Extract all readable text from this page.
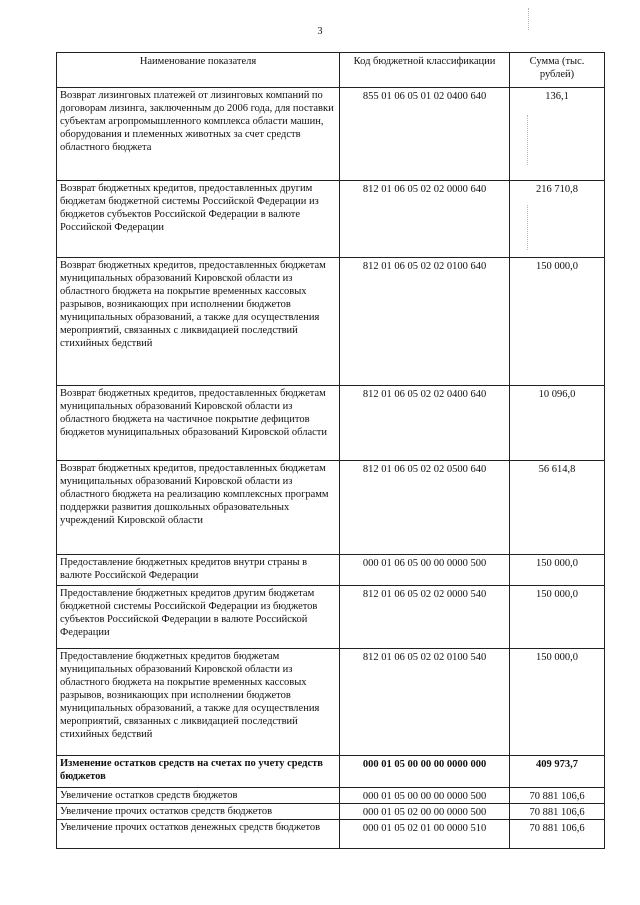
3
Наименование показателя	Код бюджетной классификации	Сумма (тыс. рублей)
Возврат лизинговых платежей от лизинговых компаний по договорам лизинга, заключенным до 2006 года, для поставки субъектам агропромышленного комплекса области машин, оборудования и племенных животных за счет средств областного бюджета	855 01 06 05 01 02 0400 640	136,1
Возврат бюджетных кредитов, предоставленных другим бюджетам бюджетной системы Российской Федерации из бюджетов субъектов Российской Федерации в валюте Российской Федерации	812 01 06 05 02 02 0000 640	216 710,8
Возврат бюджетных кредитов, предоставленных бюджетам муниципальных образований Кировской области из областного бюджета на покрытие временных кассовых разрывов, возникающих при исполнении бюджетов муниципальных образований, а также для осуществления мероприятий, связанных с ликвидацией последствий стихийных бедствий	812 01 06 05 02 02 0100 640	150 000,0
Возврат бюджетных кредитов, предоставленных бюджетам муниципальных образований Кировской области из областного бюджета на частичное покрытие дефицитов бюджетов муниципальных образований Кировской области	812 01 06 05 02 02 0400 640	10 096,0
Возврат бюджетных кредитов, предоставленных бюджетам муниципальных образований Кировской области из областного бюджета на реализацию комплексных программ поддержки развития дошкольных образовательных учреждений Кировской области	812 01 06 05 02 02 0500 640	56 614,8
Предоставление бюджетных кредитов внутри страны в валюте Российской Федерации	000 01 06 05 00 00 0000 500	150 000,0
Предоставление бюджетных кредитов другим бюджетам бюджетной системы Российской Федерации из бюджетов субъектов Российской Федерации в валюте Российской Федерации	812 01 06 05 02 02 0000 540	150 000,0
Предоставление бюджетных кредитов бюджетам муниципальных образований Кировской области из областного бюджета на покрытие временных кассовых разрывов, возникающих при исполнении бюджетов муниципальных образований, а также для осуществления мероприятий, связанных с ликвидацией последствий стихийных бедствий	812 01 06 05 02 02 0100 540	150 000,0
Изменение остатков средств на счетах по учету средств бюджетов	000 01 05 00 00 00 0000 000	409 973,7
Увеличение остатков средств бюджетов	000 01 05 00 00 00 0000 500	70 881 106,6
Увеличение прочих остатков средств бюджетов	000 01 05 02 00 00 0000 500	70 881 106,6
Увеличение прочих остатков денежных средств бюджетов	000 01 05 02 01 00 0000 510	70 881 106,6
